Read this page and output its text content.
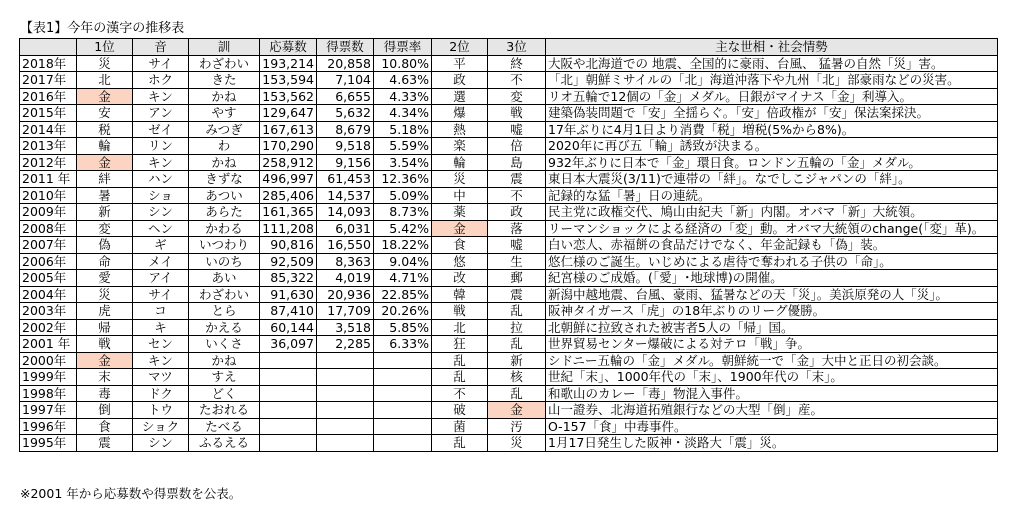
【表1】今年の漢字の推移表
	1位	音	訓	応募数	得票数	得票率	2位	3位	主な世相・社会情勢
2018年	災	サイ	わざわい	193,214	20,858	10.80%	平	終	大阪や北海道での 地震、全国的に豪雨、台風、 猛暑の自然「災」害。
2017年	北	ホク	きた	153,594	7,104	4.63%	政	不	「北」朝鮮ミサイルの「北」海道沖落下や九州「北」部豪雨などの災害。
2016年	金	キン	かね	153,562	6,655	4.33%	選	変	リオ五輪で12個の「金」メダル。日銀がマイナス「金」利導入。
2015年	安	アン	やす	129,647	5,632	4.34%	爆	戦	建築偽装問題で「安」全揺らぐ。「安」倍政権が「安」保法案採決。
2014年	税	ゼイ	みつぎ	167,613	8,679	5.18%	熱	嘘	17年ぶりに4月1日より消費「税」増税(5%から8%)。
2013年	輪	リン	わ	170,290	9,518	5.59%	楽	倍	2020年に再び五「輪」誘致が決まる。
2012年	金	キン	かね	258,912	9,156	3.54%	輪	島	932年ぶりに日本で「金」環日食。ロンドン五輪の「金」メダル。
2011 年	絆	ハン	きずな	496,997	61,453	12.36%	災	震	東日本大震災(3/11)で連帯の「絆」。なでしこジャパンの「絆」。
2010年	暑	ショ	あつい	285,406	14,537	5.09%	中	不	記録的な猛「暑」日の連続。
2009年	新	シン	あらた	161,365	14,093	8.73%	薬	政	民主党に政権交代、鳩山由紀夫「新」内閣。オバマ「新」大統領。
2008年	変	ヘン	かわる	111,208	6,031	5.42%	金	落	リーマンショックによる経済の「変」動。オバマ大統領のchange(「変」革)。
2007年	偽	ギ	いつわり	90,816	16,550	18.22%	食	嘘	白い恋人、赤福餅の食品だけでなく、年金記録も「偽」装。
2006年	命	メイ	いのち	92,509	8,363	9.04%	悠	生	悠仁様のご誕生。いじめによる虐待で奪われる子供の「命」。
2005年	愛	アイ	あい	85,322	4,019	4.71%	改	郵	紀宮様のご成婚。(「愛」･地球博)の開催。
2004年	災	サイ	わざわい	91,630	20,936	22.85%	韓	震	新潟中越地震、台風、豪雨、猛暑などの天「災」。美浜原発の人「災」。
2003年	虎	コ	とら	87,410	17,709	20.26%	戦	乱	阪神タイガース「虎」の18年ぶりのリーグ優勝。
2002年	帰	キ	かえる	60,144	3,518	5.85%	北	拉	北朝鮮に拉致された被害者5人の「帰」国。
2001 年	戦	セン	いくさ	36,097	2,285	6.33%	狂	乱	世界貿易センター爆破による対テロ「戦」争。
2000年	金	キン	かね				乱	新	シドニー五輪の「金」メダル。朝鮮統一で「金」大中と正日の初会談。
1999年	末	マツ	すえ				乱	核	世紀「末」、1000年代の「末」、1900年代の「末」。
1998年	毒	ドク	どく				不	乱	和歌山のカレー「毒」物混入事件。
1997年	倒	トウ	たおれる				破	金	山一證券、北海道拓殖銀行などの大型「倒」産。
1996年	食	ショク	たべる				菌	汚	O-157「食」中毒事件。
1995年	震	シン	ふるえる				乱	災	1月17日発生した阪神・淡路大「震」災。
※2001 年から応募数や得票数を公表。
